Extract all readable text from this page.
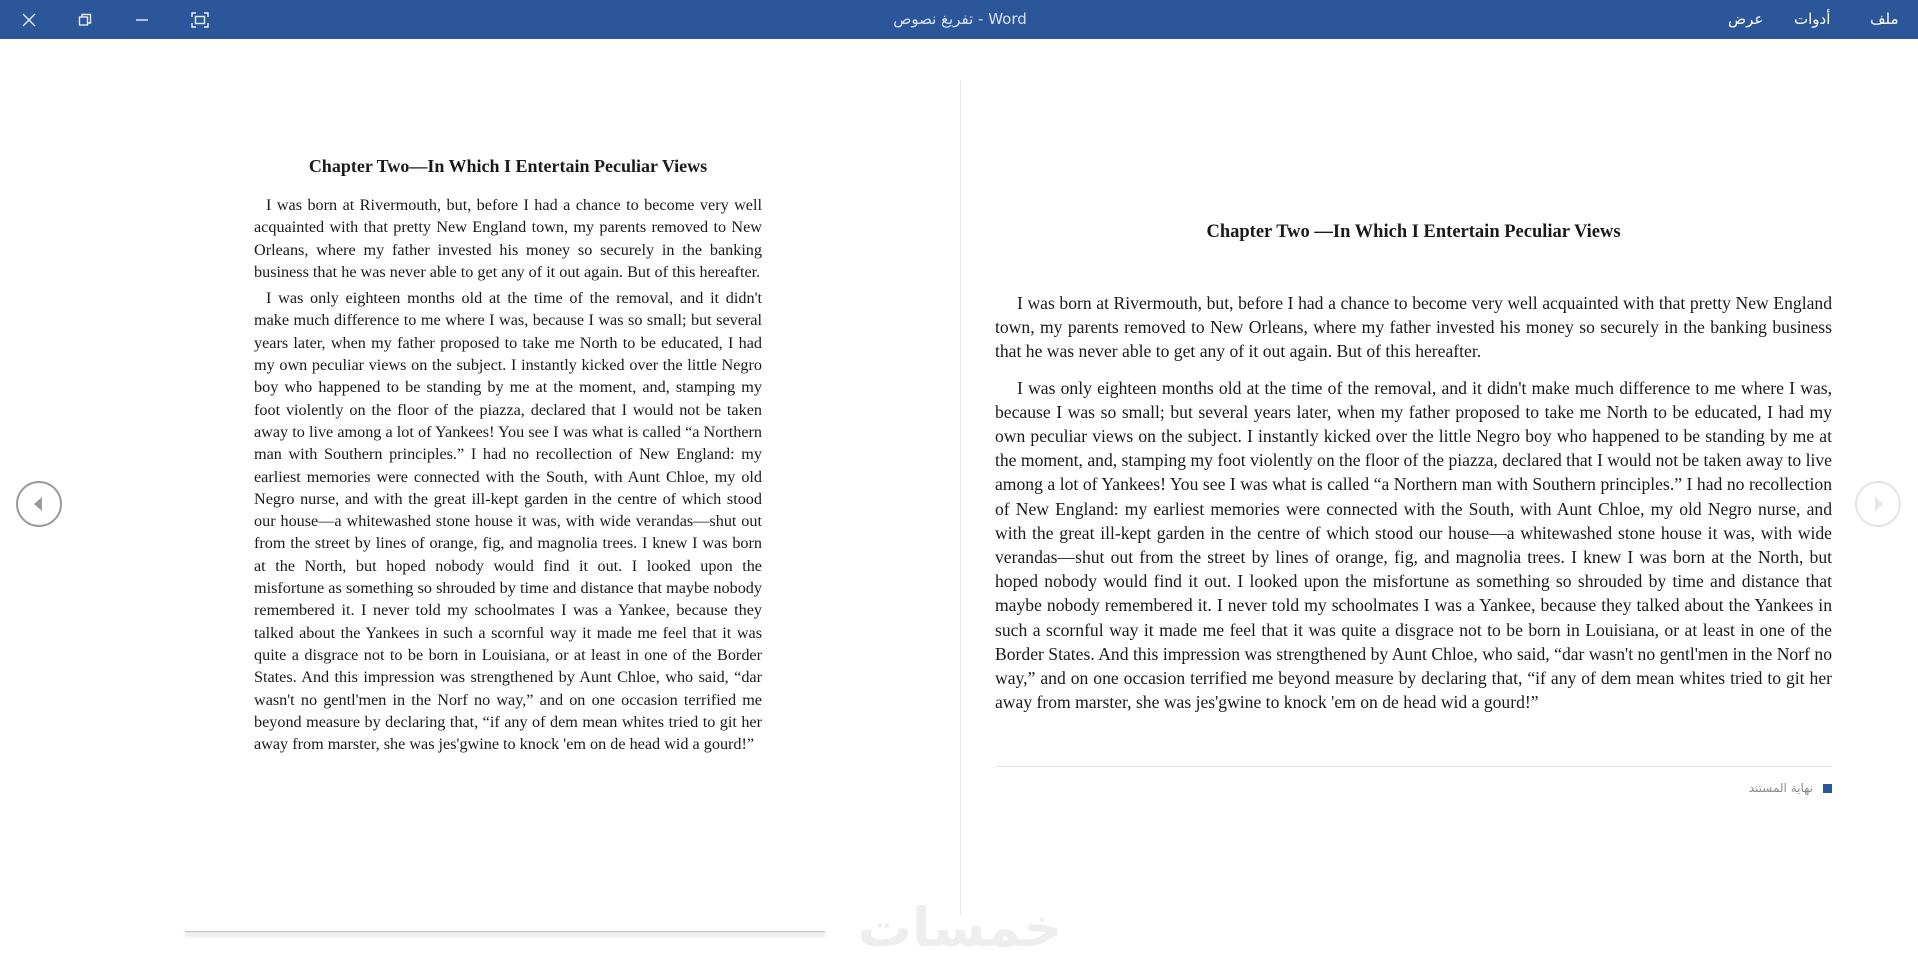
تفريغ نصوص - Word	عرض أدوات	ملف
Chapter Two—In Which I Entertain Peculiar Views

I was born at Rivermouth, but, before I had a chance to become very well acquainted with that pretty New England town, my parents removed to New Orleans, where my father invested his money so securely in the banking business that he was never able to get any of it out again. But of this hereafter.

I was only eighteen months old at the time of the removal, and it didn't make much difference to me where I was, because I was so small; but several years later, when my father proposed to take me North to be educated, I had my own peculiar views on the subject. I instantly kicked over the little Negro boy who happened to be standing by me at the moment, and, stamping my foot violently on the floor of the piazza, declared that I would not be taken away to live among a lot of Yankees! You see I was what is called “a Northern man with Southern principles.” I had no recollection of New England: my earliest memories were connected with the South, with Aunt Chloe, my old Negro nurse, and with the great ill-kept garden in the centre of which stood our house—a whitewashed stone house it was, with wide verandas—shut out from the street by lines of orange, fig, and magnolia trees. I knew I was born at the North, but hoped nobody would find it out. I looked upon the misfortune as something so shrouded by time and distance that maybe nobody remembered it. I never told my schoolmates I was a Yankee, because they talked about the Yankees in such a scornful way it made me feel that it was quite a disgrace not to be born in Louisiana, or at least in one of the Border States. And this impression was strengthened by Aunt Chloe, who said, “dar wasn't no gentl'men in the Norf no way,” and on one occasion terrified me beyond measure by declaring that, “if any of dem mean whites tried to git her away from marster, she was jes'gwine to knock 'em on de head wid a gourd!”

Chapter Two —In Which I Entertain Peculiar Views

I was born at Rivermouth, but, before I had a chance to become very well acquainted with that pretty New England town, my parents removed to New Orleans, where my father invested his money so securely in the banking business that he was never able to get any of it out again. But of this hereafter.

I was only eighteen months old at the time of the removal, and it didn't make much difference to me where I was, because I was so small; but several years later, when my father proposed to take me North to be educated, I had my own peculiar views on the subject. I instantly kicked over the little Negro boy who happened to be standing by me at the moment, and, stamping my foot violently on the floor of the piazza, declared that I would not be taken away to live among a lot of Yankees! You see I was what is called “a Northern man with Southern principles.” I had no recollection of New England: my earliest memories were connected with the South, with Aunt Chloe, my old Negro nurse, and with the great ill-kept garden in the centre of which stood our house—a whitewashed stone house it was, with wide verandas—shut out from the street by lines of orange, fig, and magnolia trees. I knew I was born at the North, but hoped nobody would find it out. I looked upon the misfortune as something so shrouded by time and distance that maybe nobody remembered it. I never told my schoolmates I was a Yankee, because they talked about the Yankees in such a scornful way it made me feel that it was quite a disgrace not to be born in Louisiana, or at least in one of the Border States. And this impression was strengthened by Aunt Chloe, who said, “dar wasn't no gentl'men in the Norf no way,” and on one occasion terrified me beyond measure by declaring that, “if any of dem mean whites tried to git her away from marster, she was jes'gwine to knock 'em on de head wid a gourd!”

نهاية المستند
خمسات
